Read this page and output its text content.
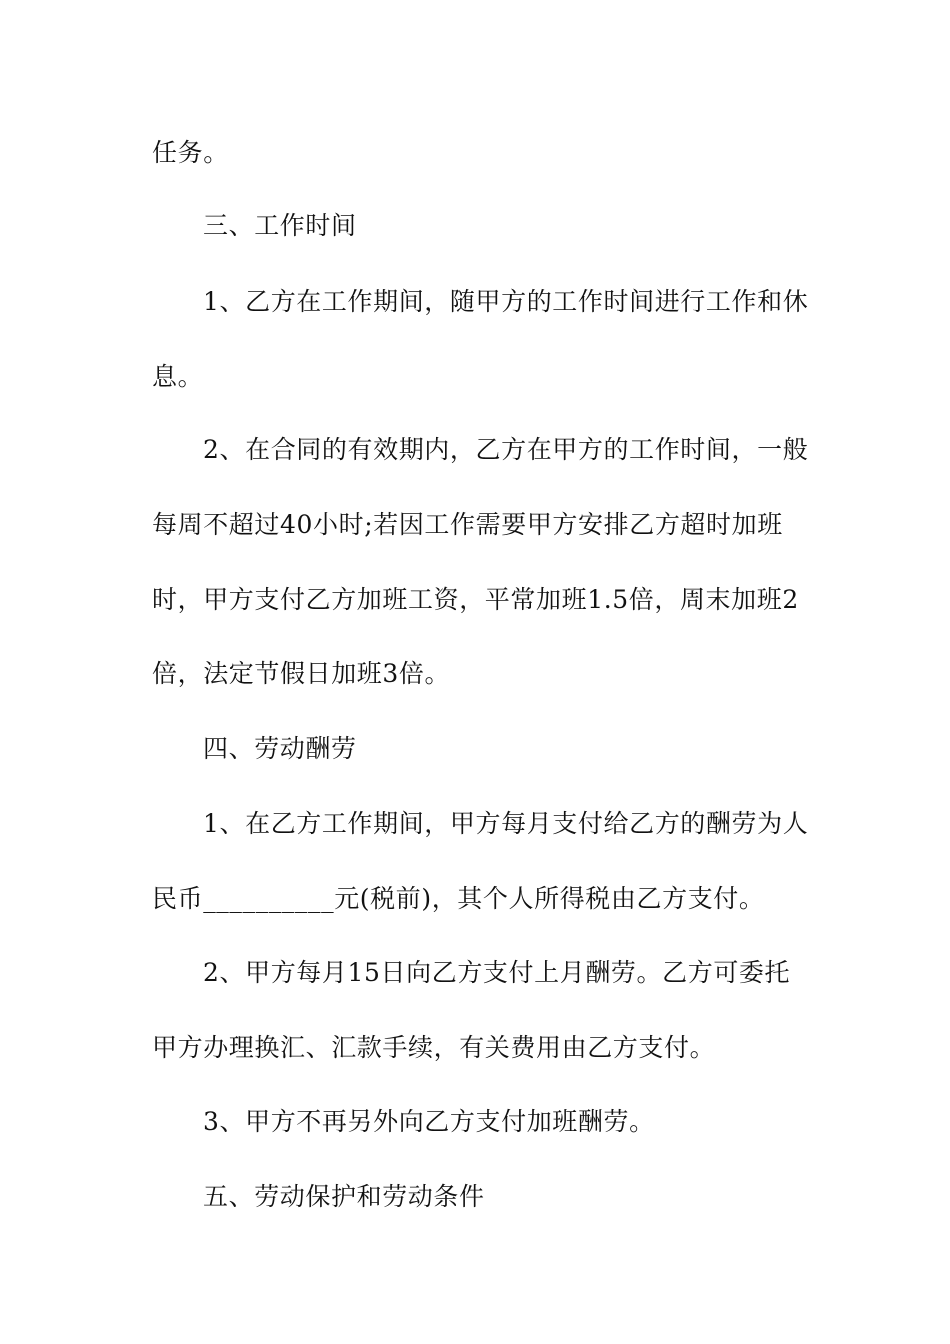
任务。
三、工作时间
1、乙方在工作期间，随甲方的工作时间进行工作和休
息。
2、在合同的有效期内，乙方在甲方的工作时间，一般
每周不超过40小时;若因工作需要甲方安排乙方超时加班
时，甲方支付乙方加班工资，平常加班1.5倍，周末加班2
倍，法定节假日加班3倍。
四、劳动酬劳
1、在乙方工作期间，甲方每月支付给乙方的酬劳为人
民币__________元(税前)，其个人所得税由乙方支付。
2、甲方每月15日向乙方支付上月酬劳。乙方可委托
甲方办理换汇、汇款手续，有关费用由乙方支付。
3、甲方不再另外向乙方支付加班酬劳。
五、劳动保护和劳动条件
